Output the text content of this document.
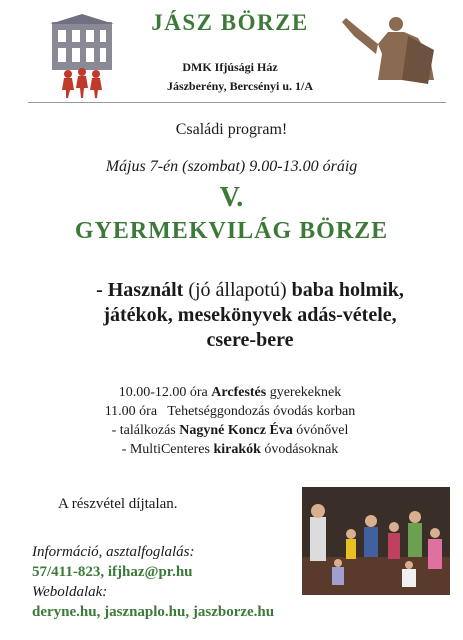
JÁSZ BÖRZE
DMK Ifjúsági Ház
Jászberény, Bercsényi u. 1/A
Családi program!
Május 7-én (szombat) 9.00-13.00 óráig
V.
GYERMEKVILÁG BÖRZE
- Használt (jó állapotú) baba holmik,
játékok, mesekönyvek adás-vétele,
csere-bere
10.00-12.00 óra Arcfestés gyerekeknek
11.00 óra   Tehetséggondozás óvodás korban
- találkozás Nagyné Koncz Éva óvónővel
- MultiCenteres kirakók óvodásoknak
A részvétel díjtalan.
Információ, asztalfoglalás:
57/411-823, ifjhaz@pr.hu
Weboldalak:
deryne.hu, jasznaplo.hu, jaszborze.hu
